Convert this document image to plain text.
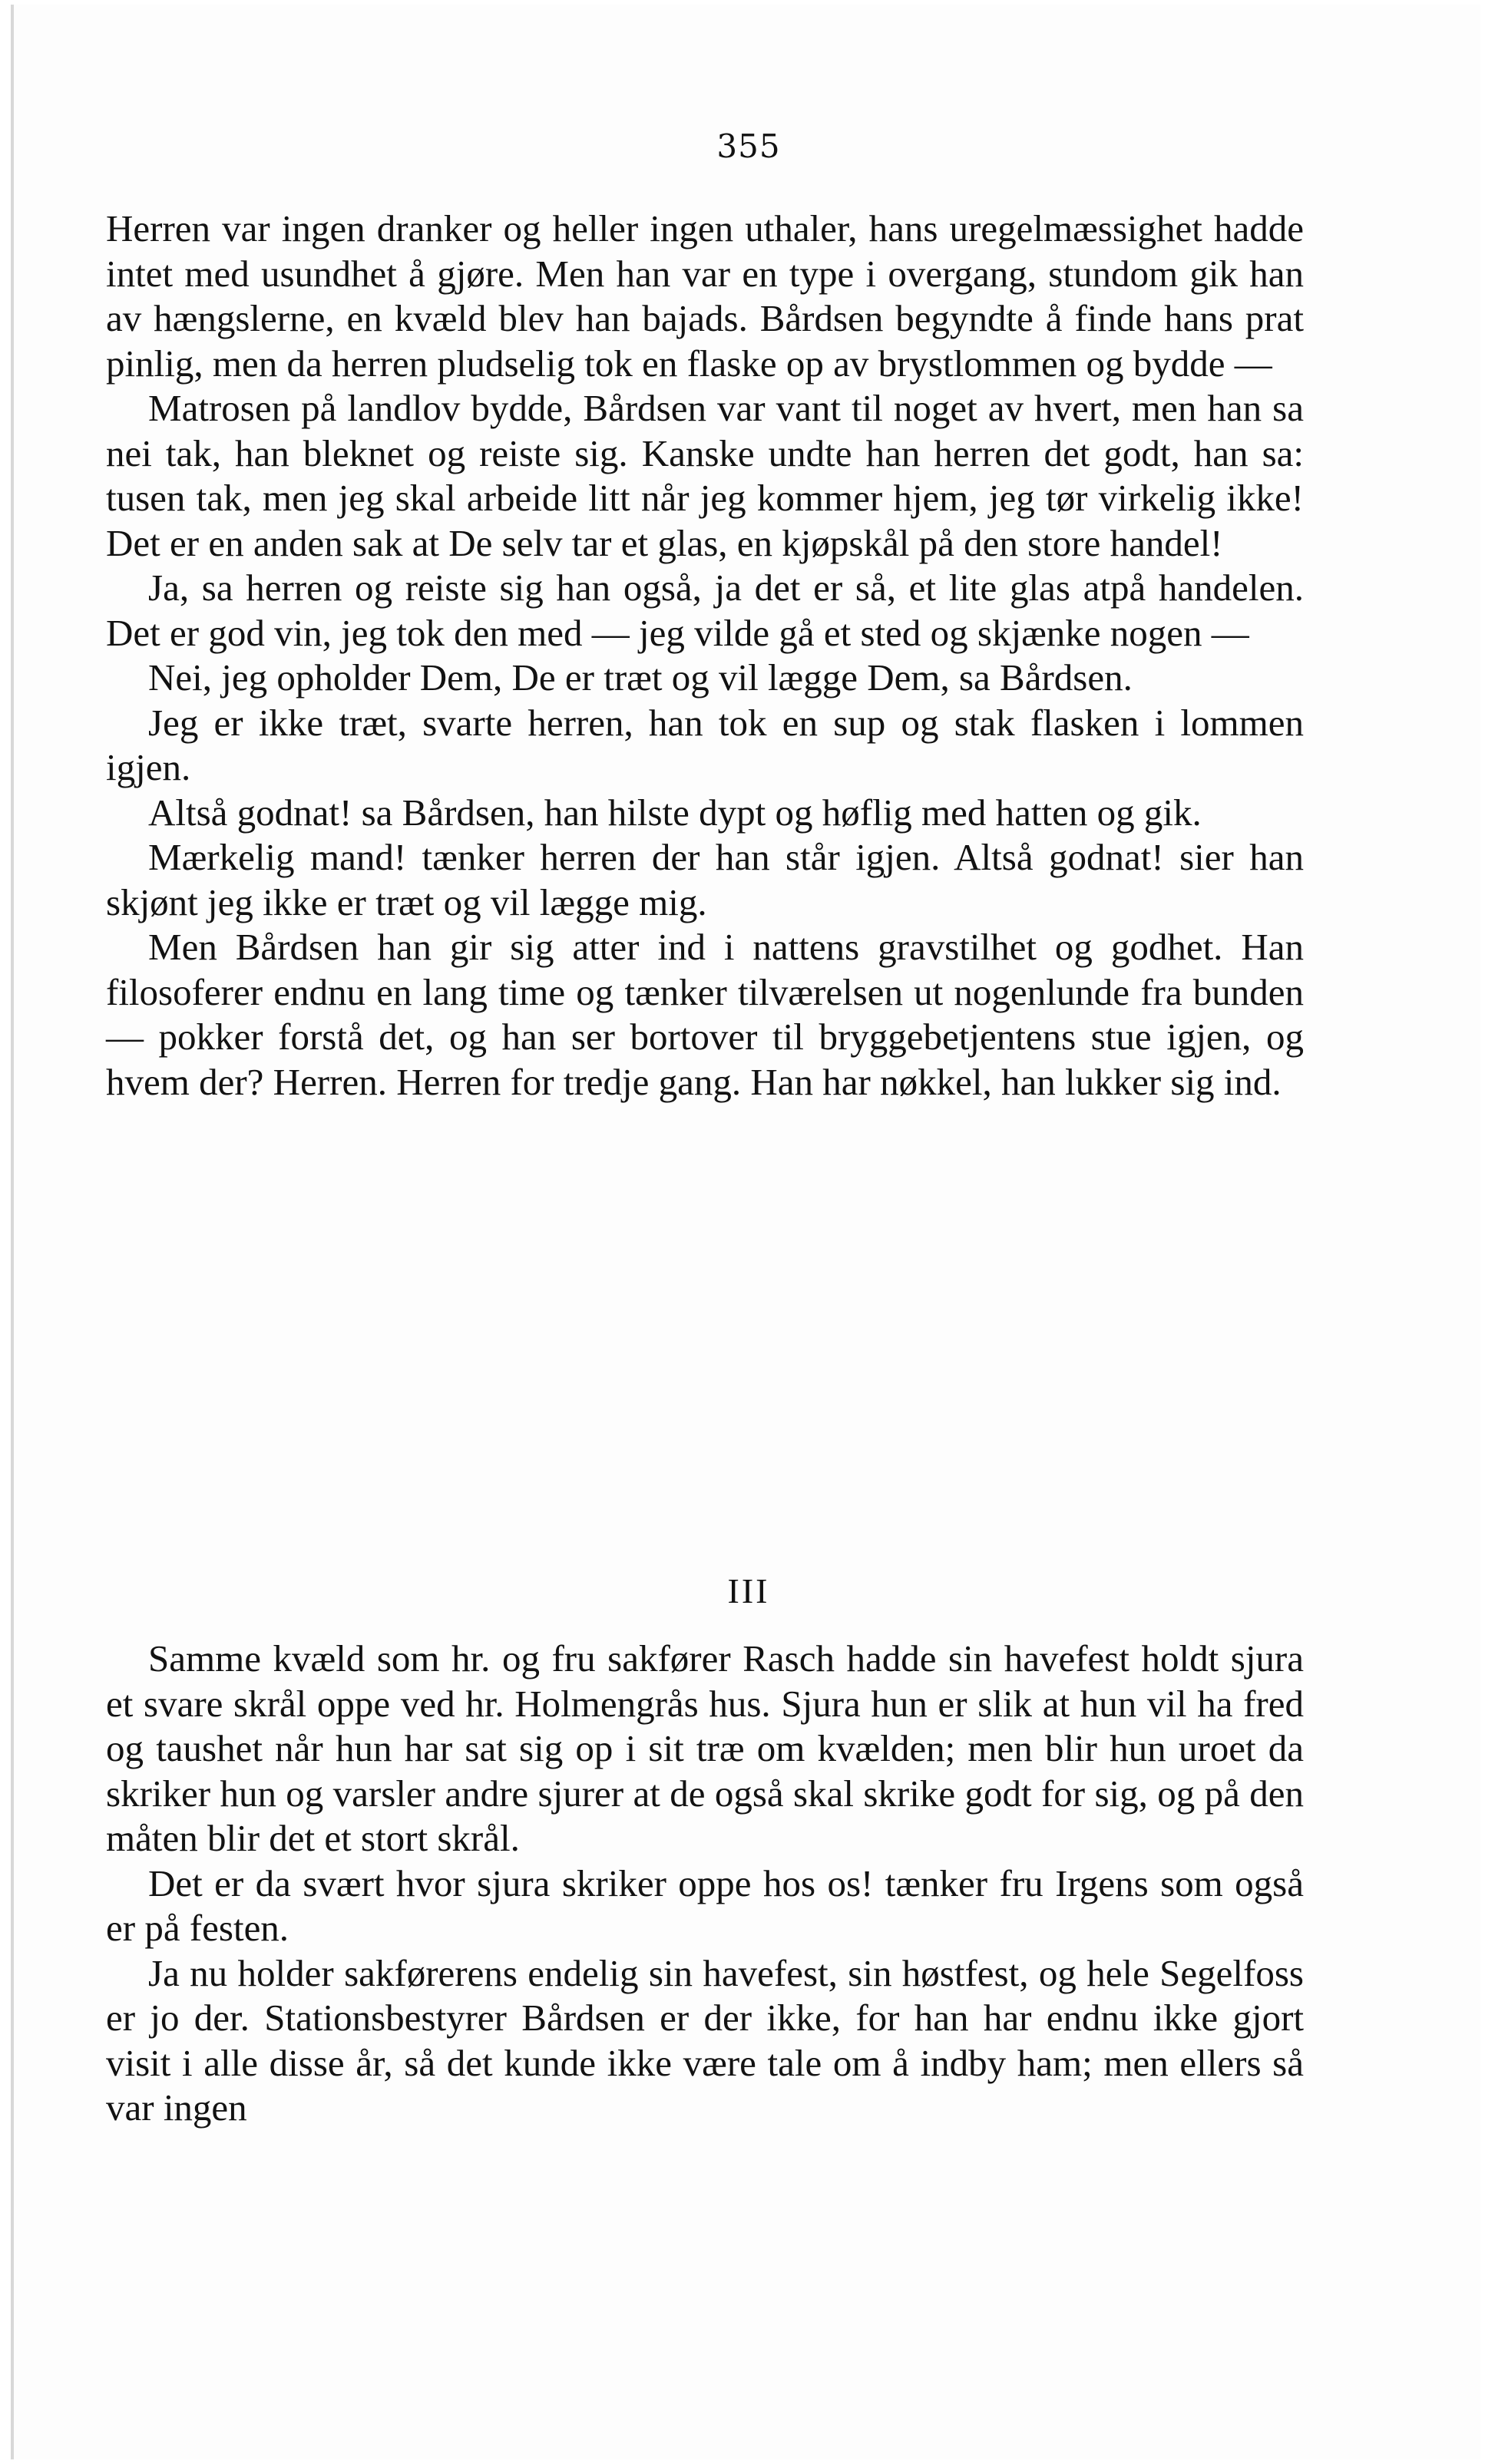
355

Herren var ingen dranker og heller ingen uthaler, hans uregelmæssighet hadde intet med usundhet å gjøre. Men han var en type i overgang, stundom gik han av hængslerne, en kvæld blev han bajads. Bårdsen begyndte å finde hans prat pinlig, men da herren pludselig tok en flaske op av brystlommen og bydde —

Matrosen på landlov bydde, Bårdsen var vant til noget av hvert, men han sa nei tak, han bleknet og reiste sig. Kanske undte han herren det godt, han sa: tusen tak, men jeg skal arbeide litt når jeg kommer hjem, jeg tør virkelig ikke! Det er en anden sak at De selv tar et glas, en kjøpskål på den store handel!

Ja, sa herren og reiste sig han også, ja det er så, et lite glas atpå handelen. Det er god vin, jeg tok den med — jeg vilde gå et sted og skjænke nogen —

Nei, jeg opholder Dem, De er træt og vil lægge Dem, sa Bårdsen.

Jeg er ikke træt, svarte herren, han tok en sup og stak flasken i lommen igjen.

Altså godnat! sa Bårdsen, han hilste dypt og høflig med hatten og gik.

Mærkelig mand! tænker herren der han står igjen. Altså godnat! sier han skjønt jeg ikke er træt og vil lægge mig.

Men Bårdsen han gir sig atter ind i nattens gravstilhet og godhet. Han filosoferer endnu en lang time og tænker tilværelsen ut nogenlunde fra bunden — pokker forstå det, og han ser bortover til bryggebetjentens stue igjen, og hvem der? Herren. Herren for tredje gang. Han har nøkkel, han lukker sig ind.

III

Samme kvæld som hr. og fru sakfører Rasch hadde sin havefest holdt sjura et svare skrål oppe ved hr. Holmengrås hus. Sjura hun er slik at hun vil ha fred og taushet når hun har sat sig op i sit træ om kvælden; men blir hun uroet da skriker hun og varsler andre sjurer at de også skal skrike godt for sig, og på den måten blir det et stort skrål.

Det er da svært hvor sjura skriker oppe hos os! tænker fru Irgens som også er på festen.

Ja nu holder sakførerens endelig sin havefest, sin høstfest, og hele Segelfoss er jo der. Stationsbestyrer Bårdsen er der ikke, for han har endnu ikke gjort visit i alle disse år, så det kunde ikke være tale om å indby ham; men ellers så var ingen
